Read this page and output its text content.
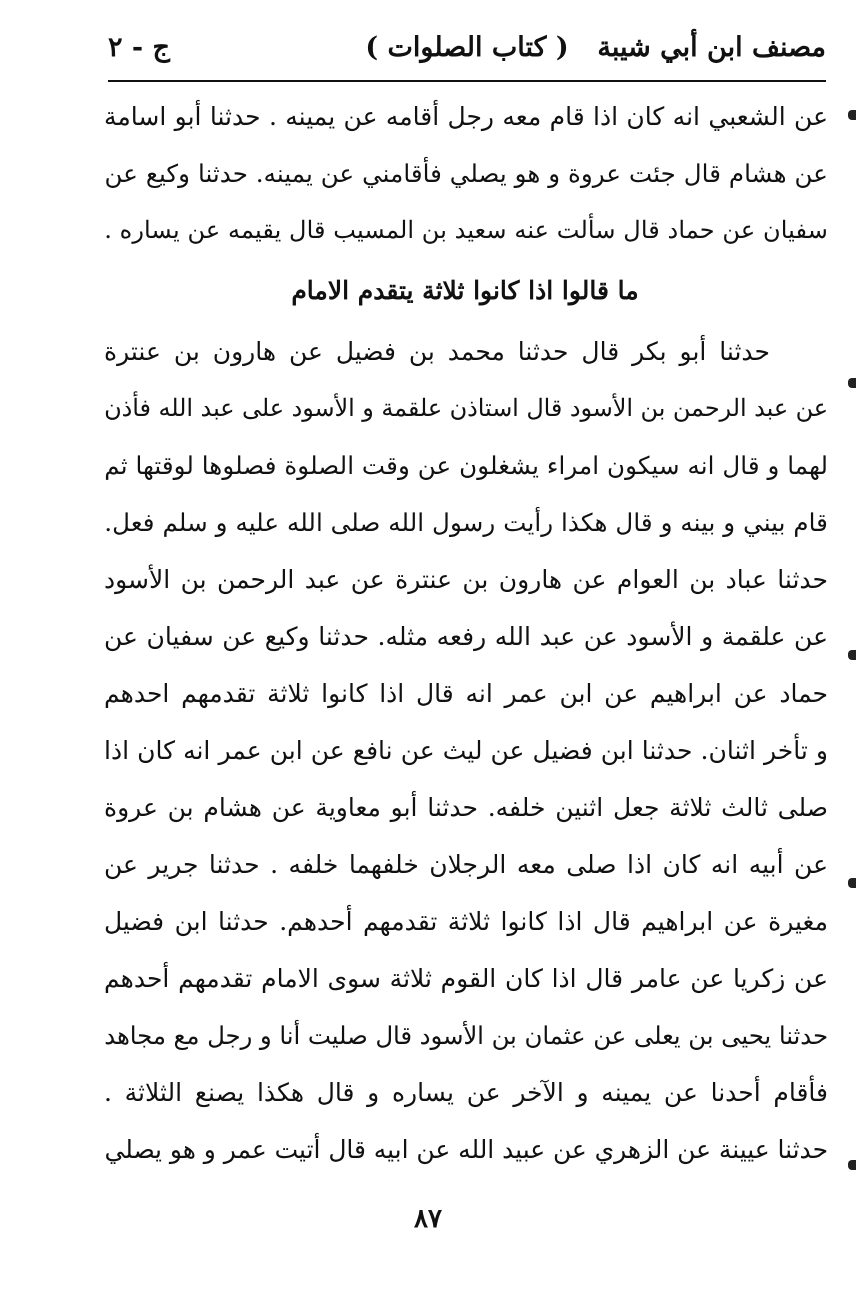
مصنف ابن أبي شيبة
( كتاب الصلوات )
ج - ٢
عن الشعبي انه كان اذا قام معه رجل أقامه عن يمينه . حدثنا أبو اسامة
عن هشام قال جئت عروة و هو يصلي فأقامني عن يمينه. حدثنا وكيع عن
سفيان عن حماد قال سألت عنه سعيد بن المسيب قال يقيمه عن يساره .
ما قالوا اذا كانوا ثلاثة يتقدم الامام
حدثنا أبو بكر قال حدثنا محمد بن فضيل عن هارون بن عنترة
عن عبد الرحمن بن الأسود قال استاذن علقمة و الأسود على عبد الله فأذن
لهما و قال انه سيكون امراء يشغلون عن وقت الصلوة فصلوها لوقتها ثم
قام بيني و بينه و قال هكذا رأيت رسول الله صلى الله عليه و سلم فعل.
حدثنا عباد بن العوام عن هارون بن عنترة عن عبد الرحمن بن الأسود
عن علقمة و الأسود عن عبد الله رفعه مثله. حدثنا وكيع عن سفيان عن
حماد عن ابراهيم عن ابن عمر انه قال اذا كانوا ثلاثة تقدمهم احدهم
و تأخر اثنان. حدثنا ابن فضيل عن ليث عن نافع عن ابن عمر انه كان اذا
صلى ثالث ثلاثة جعل اثنين خلفه. حدثنا أبو معاوية عن هشام بن عروة
عن أبيه انه كان اذا صلى معه الرجلان خلفهما خلفه . حدثنا جرير عن
مغيرة عن ابراهيم قال اذا كانوا ثلاثة تقدمهم أحدهم. حدثنا ابن فضيل
عن زكريا عن عامر قال اذا كان القوم ثلاثة سوى الامام تقدمهم أحدهم
حدثنا يحيى بن يعلى عن عثمان بن الأسود قال صليت أنا و رجل مع مجاهد
فأقام أحدنا عن يمينه و الآخر عن يساره و قال هكذا يصنع الثلاثة .
حدثنا عيينة عن الزهري عن عبيد الله عن ابيه قال أتيت عمر و هو يصلي
٨٧
